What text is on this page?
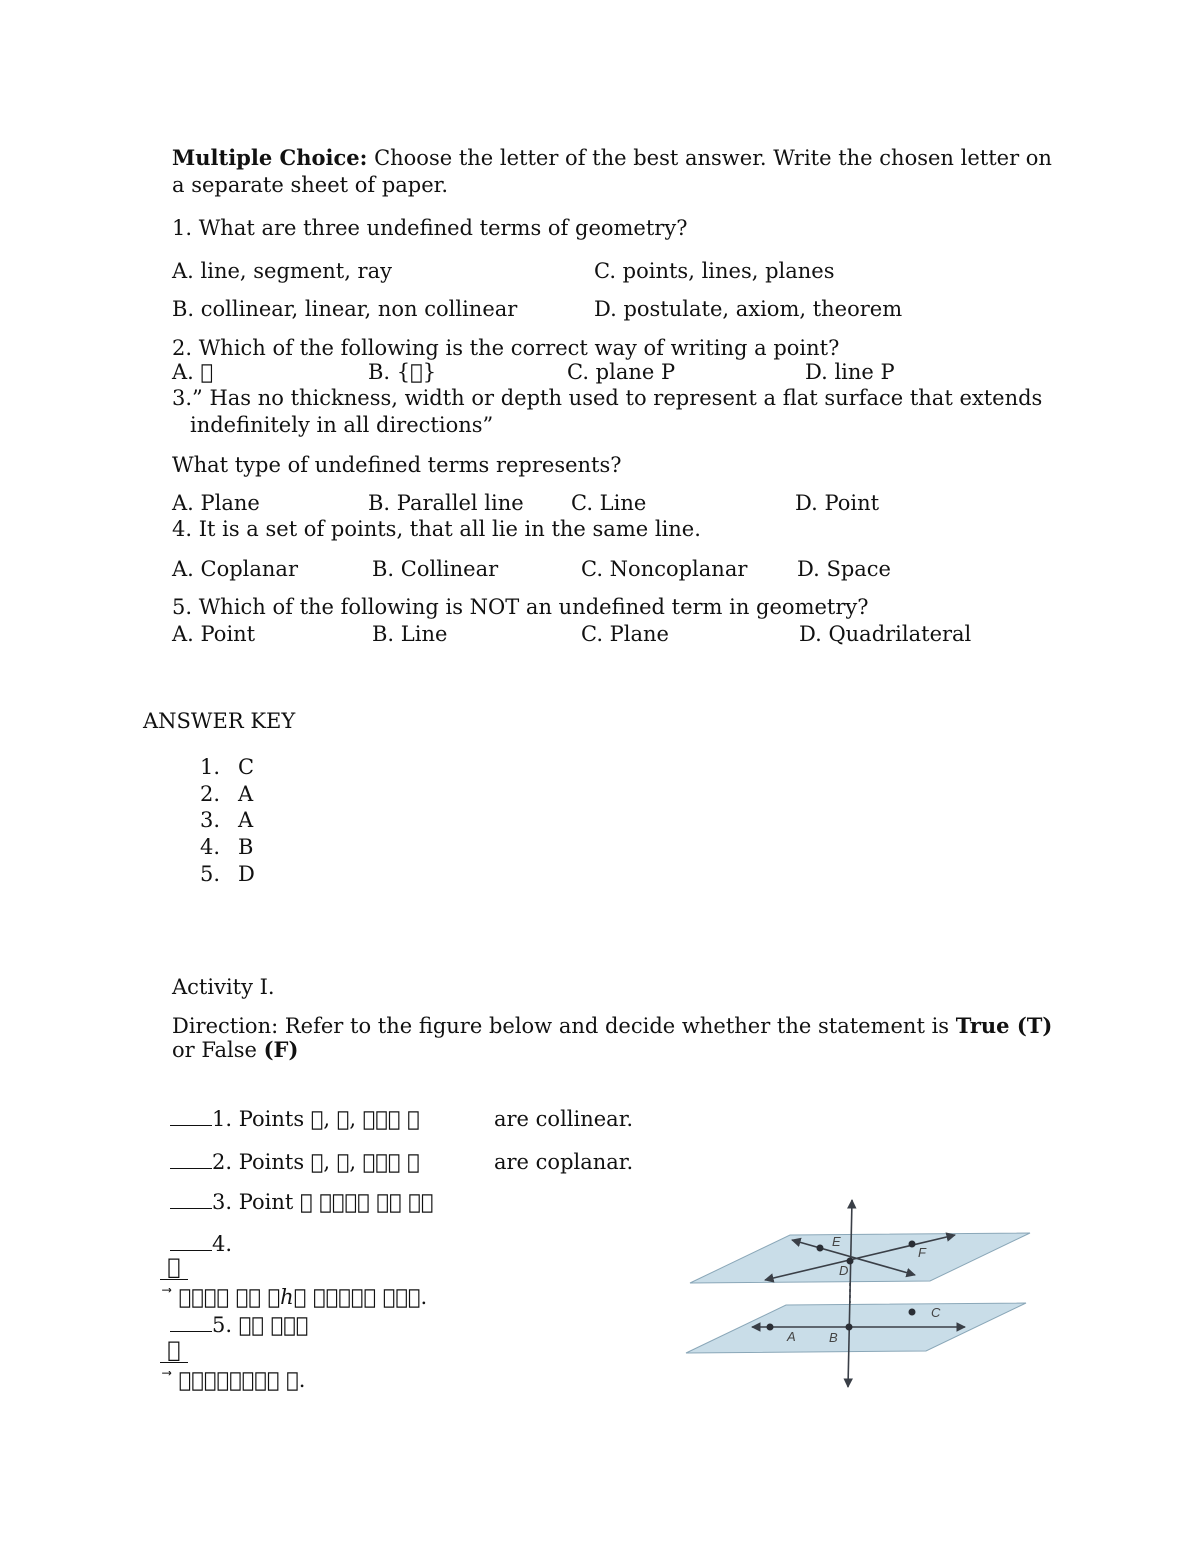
Multiple Choice: Choose the letter of the best answer. Write the chosen letter on
a separate sheet of paper.
1. What are three undefined terms of geometry?
A. line, segment, ray	C. points, lines, planes
B. collinear, linear, non collinear	D. postulate, axiom, theorem
2. Which of the following is the correct way of writing a point?
A.  	B. { }	C. plane P	D. line P
3.” Has no thickness, width or depth used to represent a flat surface that extends
indefinitely in all directions”
What type of undefined terms represents?
A. Plane	B. Parallel line C. Line	D. Point
4. It is a set of points, that all lie in the same line.
A. Coplanar	B. Collinear	C. Noncoplanar D. Space
5. Which of the following is NOT an undefined term in geometry?
A. Point	B. Line	C. Plane	D. Quadrilateral
ANSWER KEY
1. C
2. A
3. A
4. B
5. D
Activity I.
Direction: Refer to the figure below and decide whether the statement is True (T)
or False (F)
1. Points  ,  ,      	are collinear.
2. Points  ,  ,      	are coplanar.
3. Point             
4.
 
⃗          ℎ           .
5.  ⃗    
 
⃗           .
E
F
D
C
A	B
